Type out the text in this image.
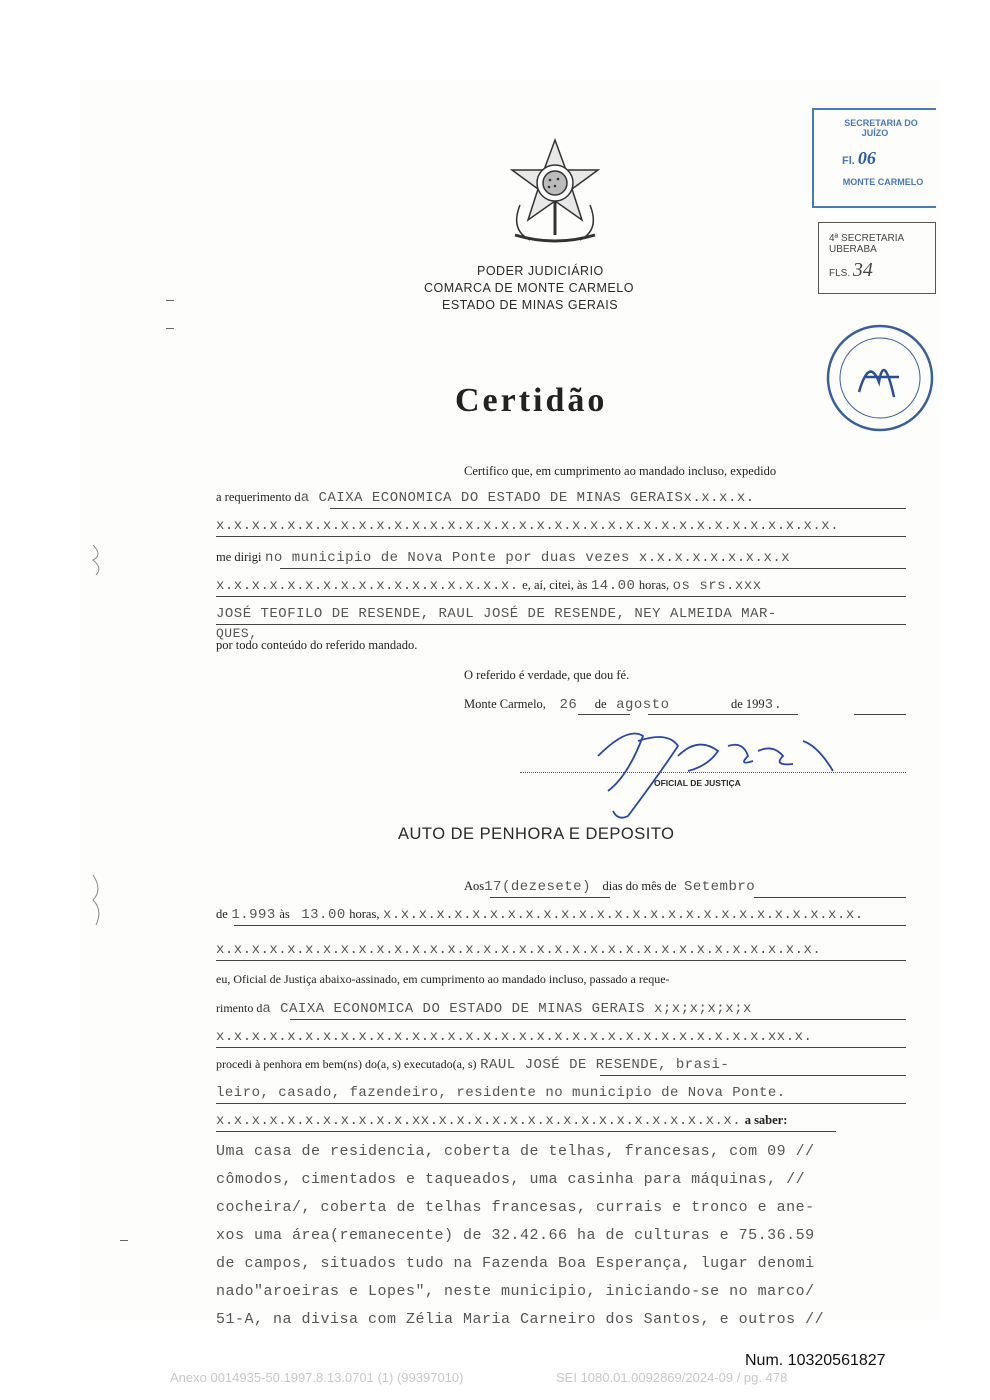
PODER JUDICIÁRIO
COMARCA DE MONTE CARMELO
ESTADO DE MINAS GERAIS
SECRETARIA DO
JUÍZO
Fl. 06
MONTE CARMELO
4ª SECRETARIA
UBERABA
FLS. 34
Certidão
Certifico que, em cumprimento ao mandado incluso, expedido
a requerimento da CAIXA ECONOMICA DO ESTADO DE MINAS GERAISx.x.x.x.
x.x.x.x.x.x.x.x.x.x.x.x.x.x.x.x.x.x.x.x.x.x.x.x.x.x.x.x.x.x.x.x.x.x.x.
me dirigi no municipio de Nova Ponte por duas vezes x.x.x.x.x.x.x.x.x
x.x.x.x.x.x.x.x.x.x.x.x.x.x.x.x.x. e, aí, citei, às 14.00 horas, os srs.xxx
JOSÉ TEOFILO DE RESENDE, RAUL JOSÉ DE RESENDE, NEY ALMEIDA MAR-
QUES,
por todo conteúdo do referido mandado.
O referido é verdade, que dou fé.
Monte Carmelo, 26 de agosto	de 1993.
OFICIAL DE JUSTIÇA
AUTO DE PENHORA E DEPOSITO
Aos17(dezesete) dias do mês de Setembro
de 1.993 às 13.00 horas, x.x.x.x.x.x.x.x.x.x.x.x.x.x.x.x.x.x.x.x.x.x.x.x.x.x.x.
x.x.x.x.x.x.x.x.x.x.x.x.x.x.x.x.x.x.x.x.x.x.x.x.x.x.x.x.x.x.x.x.x.x.
eu, Oficial de Justiça abaixo-assinado, em cumprimento ao mandado incluso, passado a reque-
rimento da CAIXA ECONOMICA DO ESTADO DE MINAS GERAIS x;x;x;x;x;x
x.x.x.x.x.x.x.x.x.x.x.x.x.x.x.x.x.x.x.x.x.x.x.x.x.x.x.x.x.x.x.xx.x.
procedi à penhora em bem(ns) do(a, s) executado(a, s) RAUL JOSÉ DE RESENDE, brasi-
leiro, casado, fazendeiro, residente no municipio de Nova Ponte.
x.x.x.x.x.x.x.x.x.x.x.xx.x.x.x.x.x.x.x.x.x.x.x.x.x.x.x.x.x. a saber:
Uma casa de residencia, coberta de telhas, francesas, com 09 //
cômodos, cimentados e taqueados, uma casinha para máquinas, //
cocheira/, coberta de telhas francesas, currais e tronco e ane-
xos uma área(remanecente) de 32.42.66 ha de culturas e 75.36.59
de campos, situados tudo na Fazenda Boa Esperança, lugar denomi
nado"aroeiras e Lopes", neste municipio, iniciando-se no marco/
51-A, na divisa com Zélia Maria Carneiro dos Santos, e outros //
Num. 10320561827
Anexo 0014935-50.1997.8.13.0701 (1) (99397010)	SEI 1080.01.0092869/2024-09 / pg. 478
